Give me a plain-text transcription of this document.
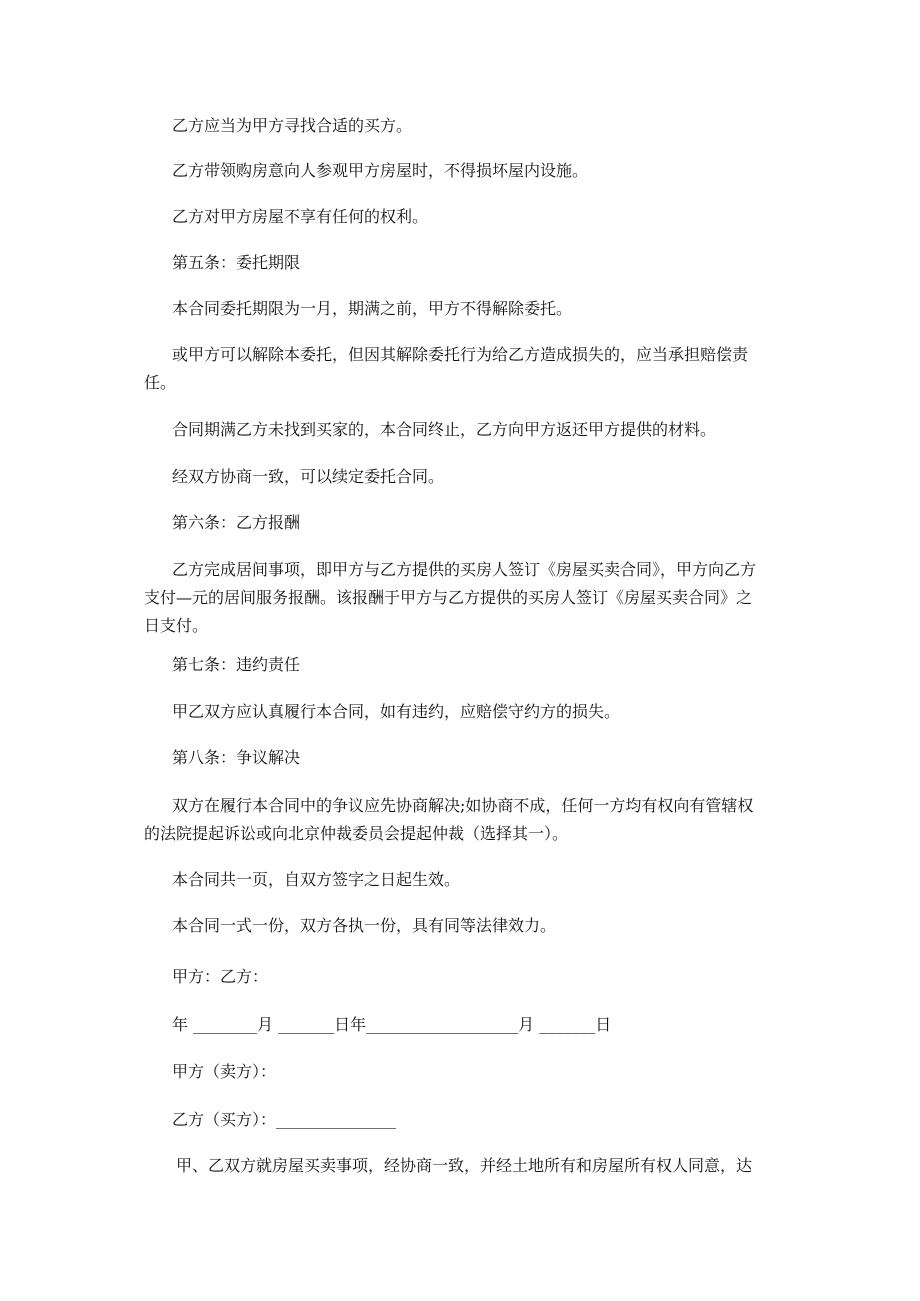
乙方应当为甲方寻找合适的买方。

乙方带领购房意向人参观甲方房屋时，不得损坏屋内设施。

乙方对甲方房屋不享有任何的权利。

第五条：委托期限

本合同委托期限为一月，期满之前，甲方不得解除委托。

或甲方可以解除本委托，但因其解除委托行为给乙方造成损失的，应当承担赔偿责任。

合同期满乙方未找到买家的，本合同终止，乙方向甲方返还甲方提供的材料。

经双方协商一致，可以续定委托合同。

第六条：乙方报酬

乙方完成居间事项，即甲方与乙方提供的买房人签订《房屋买卖合同》，甲方向乙方支付—元的居间服务报酬。该报酬于甲方与乙方提供的买房人签订《房屋买卖合同》之日支付。

第七条：违约责任

甲乙双方应认真履行本合同，如有违约，应赔偿守约方的损失。

第八条：争议解决

双方在履行本合同中的争议应先协商解决;如协商不成，任何一方均有权向有管辖权的法院提起诉讼或向北京仲裁委员会提起仲裁（选择其一）。

本合同共一页，自双方签字之日起生效。

本合同一式一份，双方各执一份，具有同等法律效力。

甲方：乙方：

年 ________月 _______日年___________________月 _______日

甲方（卖方）：

乙方（买方）：_______________

甲、乙双方就房屋买卖事项，经协商一致，并经土地所有和房屋所有权人同意，达
